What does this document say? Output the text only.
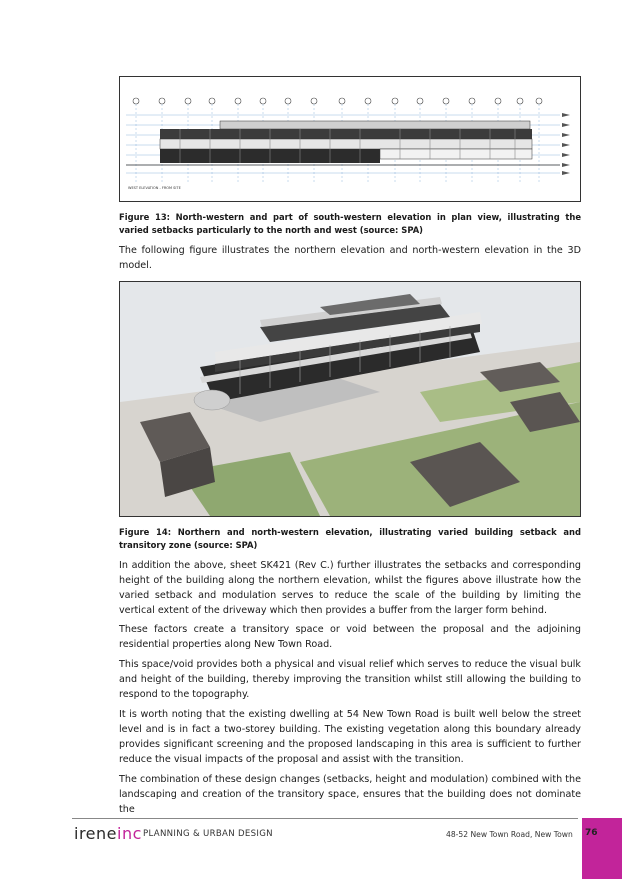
WEST ELEVATION - FROM SITE
Figure 13: North-western and part of south-western elevation in plan view, illustrating the varied setbacks particularly to the north and west (source: SPA)

The following figure illustrates the northern elevation and north-western elevation in the 3D model.

Figure 14: Northern and north-western elevation, illustrating varied building setback and transitory zone (source: SPA)

In addition the above, sheet SK421 (Rev C.) further illustrates the setbacks and corresponding height of the building along the northern elevation, whilst the figures above illustrate how the varied setback and modulation serves to reduce the scale of the building by limiting the vertical extent of the driveway which then provides a buffer from the larger form behind.

These factors create a transitory space or void between the proposal and the adjoining residential properties along New Town Road.

This space/void provides both a physical and visual relief which serves to reduce the visual bulk and height of the building, thereby improving the transition whilst still allowing the building to respond to the topography.

It is worth noting that the existing dwelling at 54 New Town Road is built well below the street level and is in fact a two-storey building. The existing vegetation along this boundary already provides significant screening and the proposed landscaping in this area is sufficient to further reduce the visual impacts of the proposal and assist with the transition.

The combination of these design changes (setbacks, height and modulation) combined with the landscaping and creation of the transitory space, ensures that the building does not dominate the

ireneinc PLANNING & URBAN DESIGN	48-52 New Town Road, New Town 76
